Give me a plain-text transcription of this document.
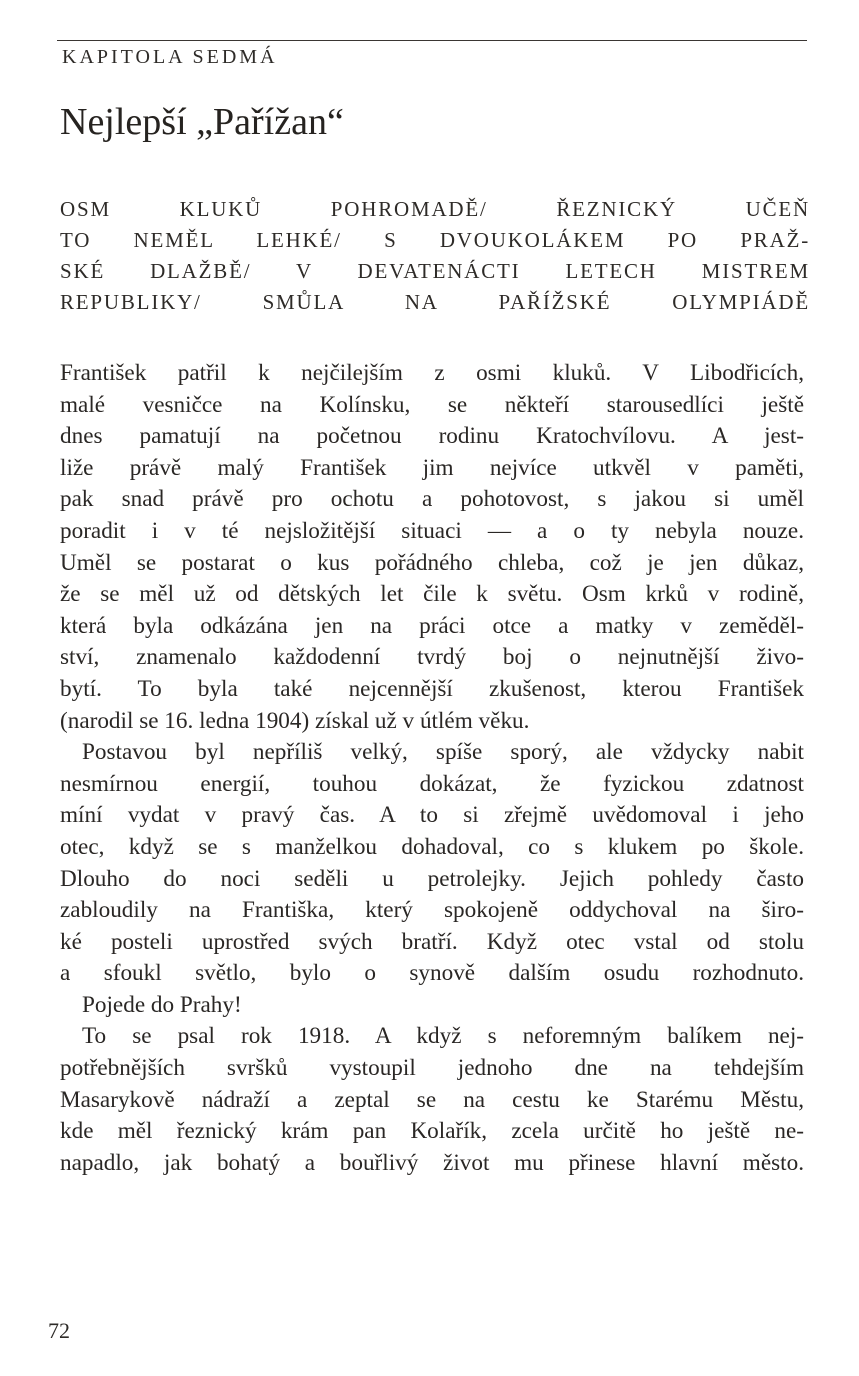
KAPITOLA SEDMÁ
Nejlepší „Pařížan“
OSM KLUKŮ POHROMADĚ/ ŘEZNICKÝ UČEŇ
TO NEMĚL LEHKÉ/ S DVOUKOLÁKEM PO PRAŽ-
SKÉ DLAŽBĚ/ V DEVATENÁCTI LETECH MISTREM
REPUBLIKY/ SMŮLA NA PAŘÍŽSKÉ OLYMPIÁDĚ
František patřil k nejčilejším z osmi kluků. V Libodřicích,
malé vesničce na Kolínsku, se někteří starousedlíci ještě
dnes pamatují na početnou rodinu Kratochvílovu. A jest-
liže právě malý František jim nejvíce utkvěl v paměti,
pak snad právě pro ochotu a pohotovost, s jakou si uměl
poradit i v té nejsložitější situaci — a o ty nebyla nouze.
Uměl se postarat o kus pořádného chleba, což je jen důkaz,
že se měl už od dětských let čile k světu. Osm krků v rodině,
která byla odkázána jen na práci otce a matky v zeměděl-
ství, znamenalo každodenní tvrdý boj o nejnutnější živo-
bytí. To byla také nejcennější zkušenost, kterou František
(narodil se 16. ledna 1904) získal už v útlém věku.
Postavou byl nepříliš velký, spíše sporý, ale vždycky nabit
nesmírnou energií, touhou dokázat, že fyzickou zdatnost
míní vydat v pravý čas. A to si zřejmě uvědomoval i jeho
otec, když se s manželkou dohadoval, co s klukem po škole.
Dlouho do noci seděli u petrolejky. Jejich pohledy často
zabloudily na Františka, který spokojeně oddychoval na širo-
ké posteli uprostřed svých bratří. Když otec vstal od stolu
a sfoukl světlo, bylo o synově dalším osudu rozhodnuto.
Pojede do Prahy!
To se psal rok 1918. A když s neforemným balíkem nej-
potřebnějších svršků vystoupil jednoho dne na tehdejším
Masarykově nádraží a zeptal se na cestu ke Starému Městu,
kde měl řeznický krám pan Kolařík, zcela určitě ho ještě ne-
napadlo, jak bohatý a bouřlivý život mu přinese hlavní město.
72
